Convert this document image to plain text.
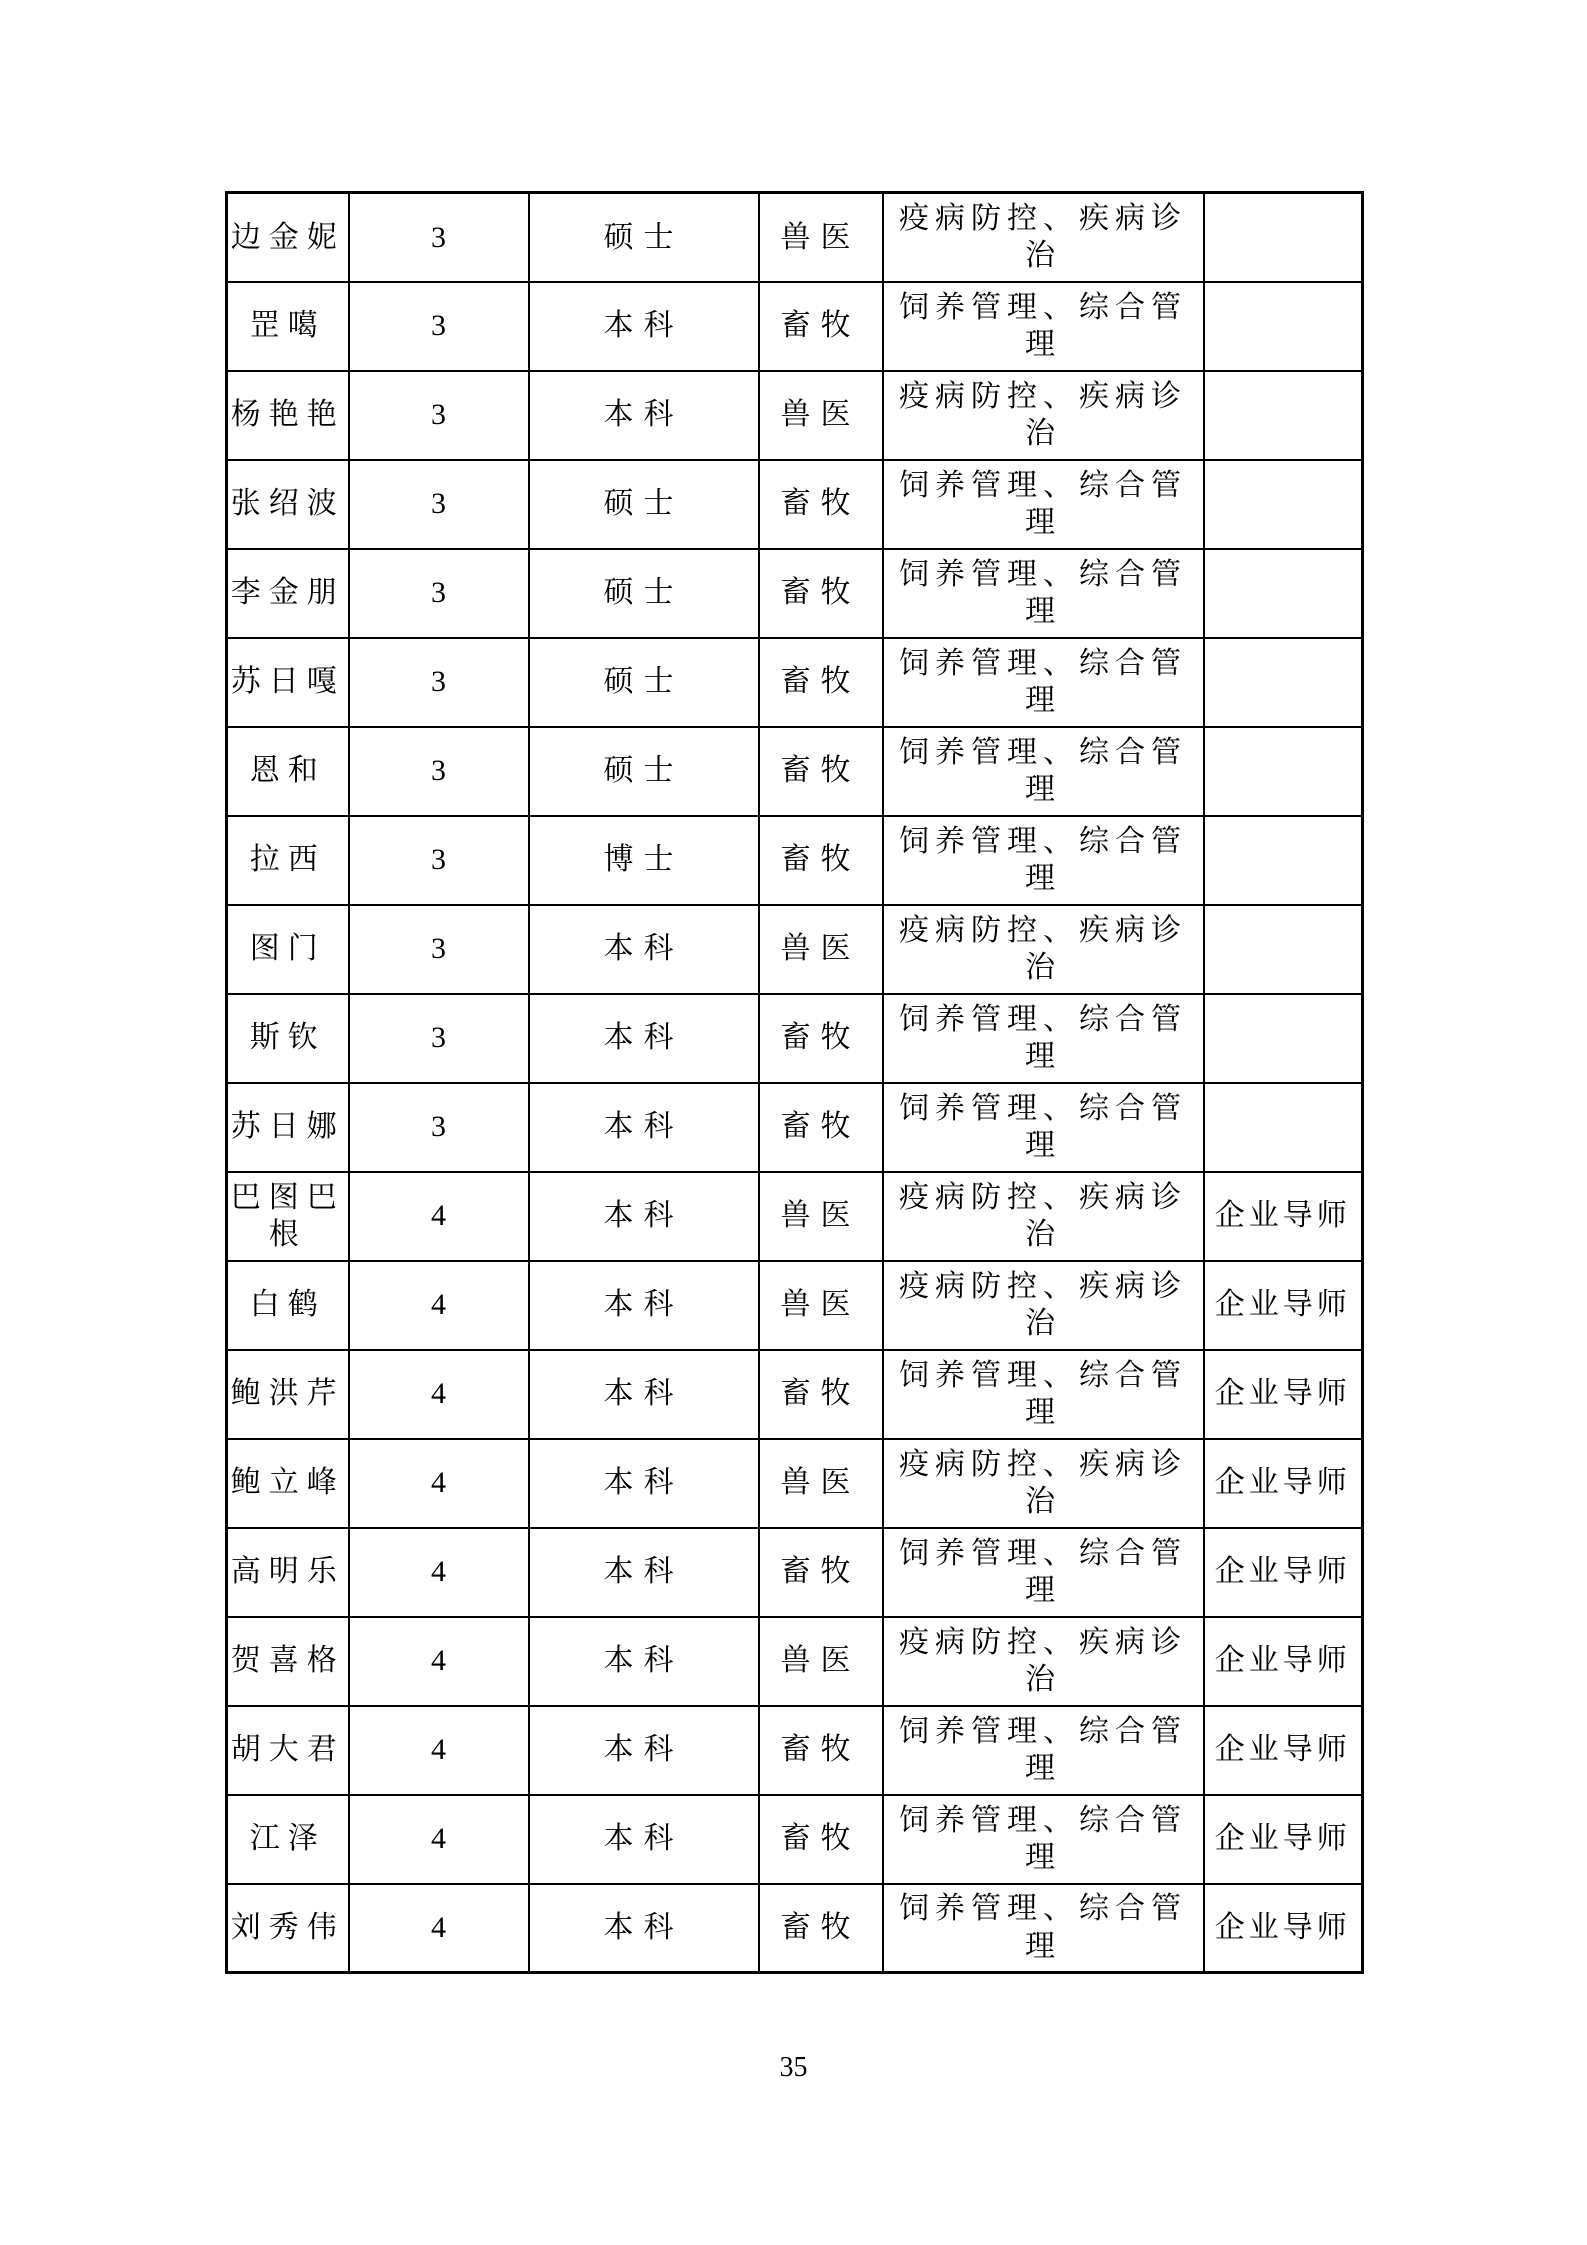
边金妮	3	硕士	兽医	疫病防控、疾病诊治	
罡噶	3	本科	畜牧	饲养管理、综合管理	
杨艳艳	3	本科	兽医	疫病防控、疾病诊治	
张绍波	3	硕士	畜牧	饲养管理、综合管理	
李金朋	3	硕士	畜牧	饲养管理、综合管理	
苏日嘎	3	硕士	畜牧	饲养管理、综合管理	
恩和	3	硕士	畜牧	饲养管理、综合管理	
拉西	3	博士	畜牧	饲养管理、综合管理	
图门	3	本科	兽医	疫病防控、疾病诊治	
斯钦	3	本科	畜牧	饲养管理、综合管理	
苏日娜	3	本科	畜牧	饲养管理、综合管理	
巴图巴根	4	本科	兽医	疫病防控、疾病诊治	企业导师
白鹤	4	本科	兽医	疫病防控、疾病诊治	企业导师
鲍洪芹	4	本科	畜牧	饲养管理、综合管理	企业导师
鲍立峰	4	本科	兽医	疫病防控、疾病诊治	企业导师
高明乐	4	本科	畜牧	饲养管理、综合管理	企业导师
贺喜格	4	本科	兽医	疫病防控、疾病诊治	企业导师
胡大君	4	本科	畜牧	饲养管理、综合管理	企业导师
江泽	4	本科	畜牧	饲养管理、综合管理	企业导师
刘秀伟	4	本科	畜牧	饲养管理、综合管理	企业导师
35
